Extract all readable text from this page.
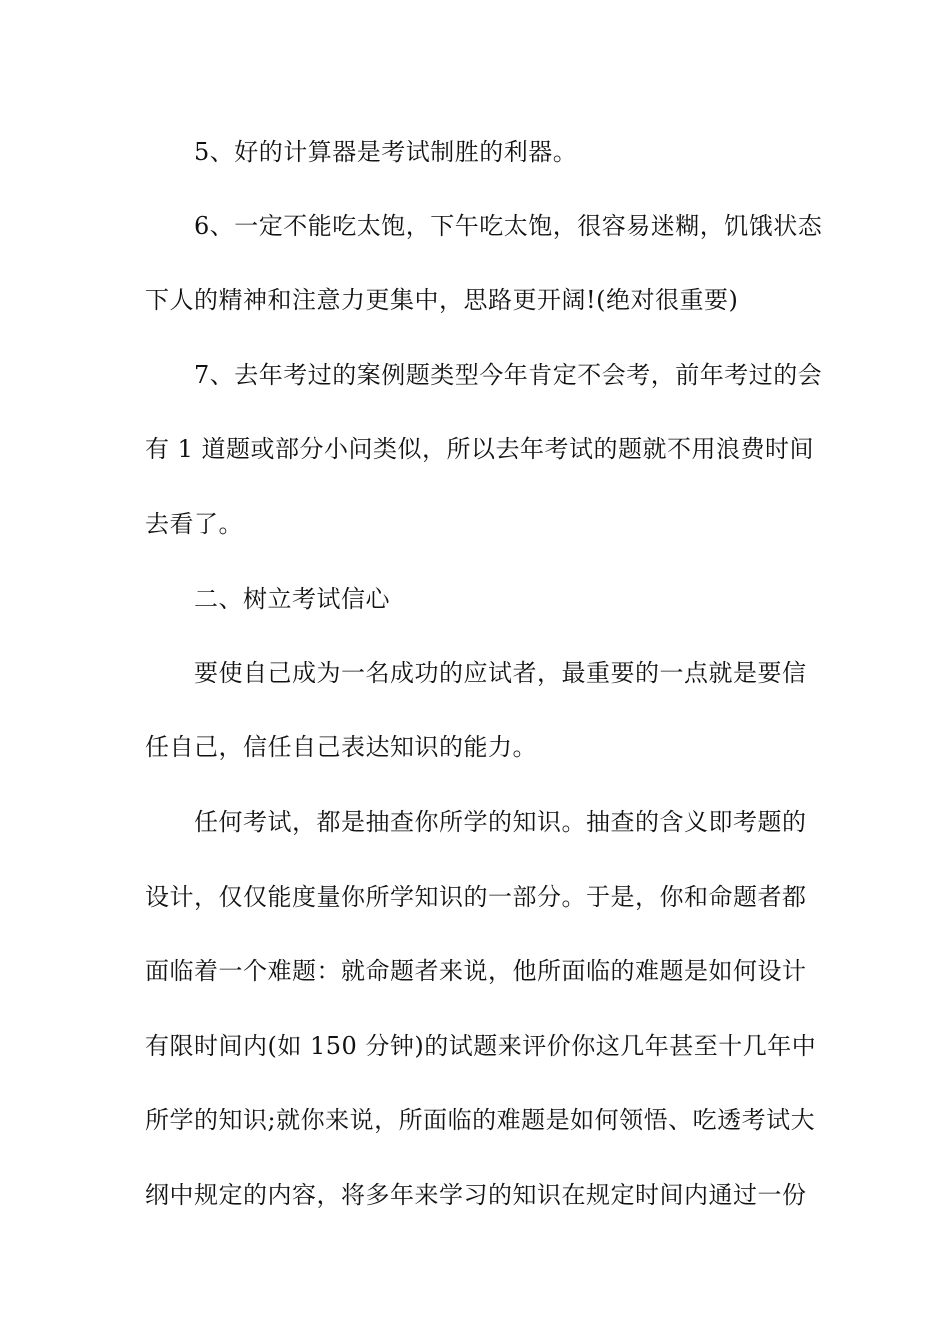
5、好的计算器是考试制胜的利器。
6、一定不能吃太饱，下午吃太饱，很容易迷糊，饥饿状态
下人的精神和注意力更集中，思路更开阔!(绝对很重要)
7、去年考过的案例题类型今年肯定不会考，前年考过的会
有 1 道题或部分小问类似，所以去年考试的题就不用浪费时间
去看了。
二、树立考试信心
要使自己成为一名成功的应试者，最重要的一点就是要信
任自己，信任自己表达知识的能力。
任何考试，都是抽查你所学的知识。抽查的含义即考题的
设计，仅仅能度量你所学知识的一部分。于是，你和命题者都
面临着一个难题：就命题者来说，他所面临的难题是如何设计
有限时间内(如 150 分钟)的试题来评价你这几年甚至十几年中
所学的知识;就你来说，所面临的难题是如何领悟、吃透考试大
纲中规定的内容，将多年来学习的知识在规定时间内通过一份
